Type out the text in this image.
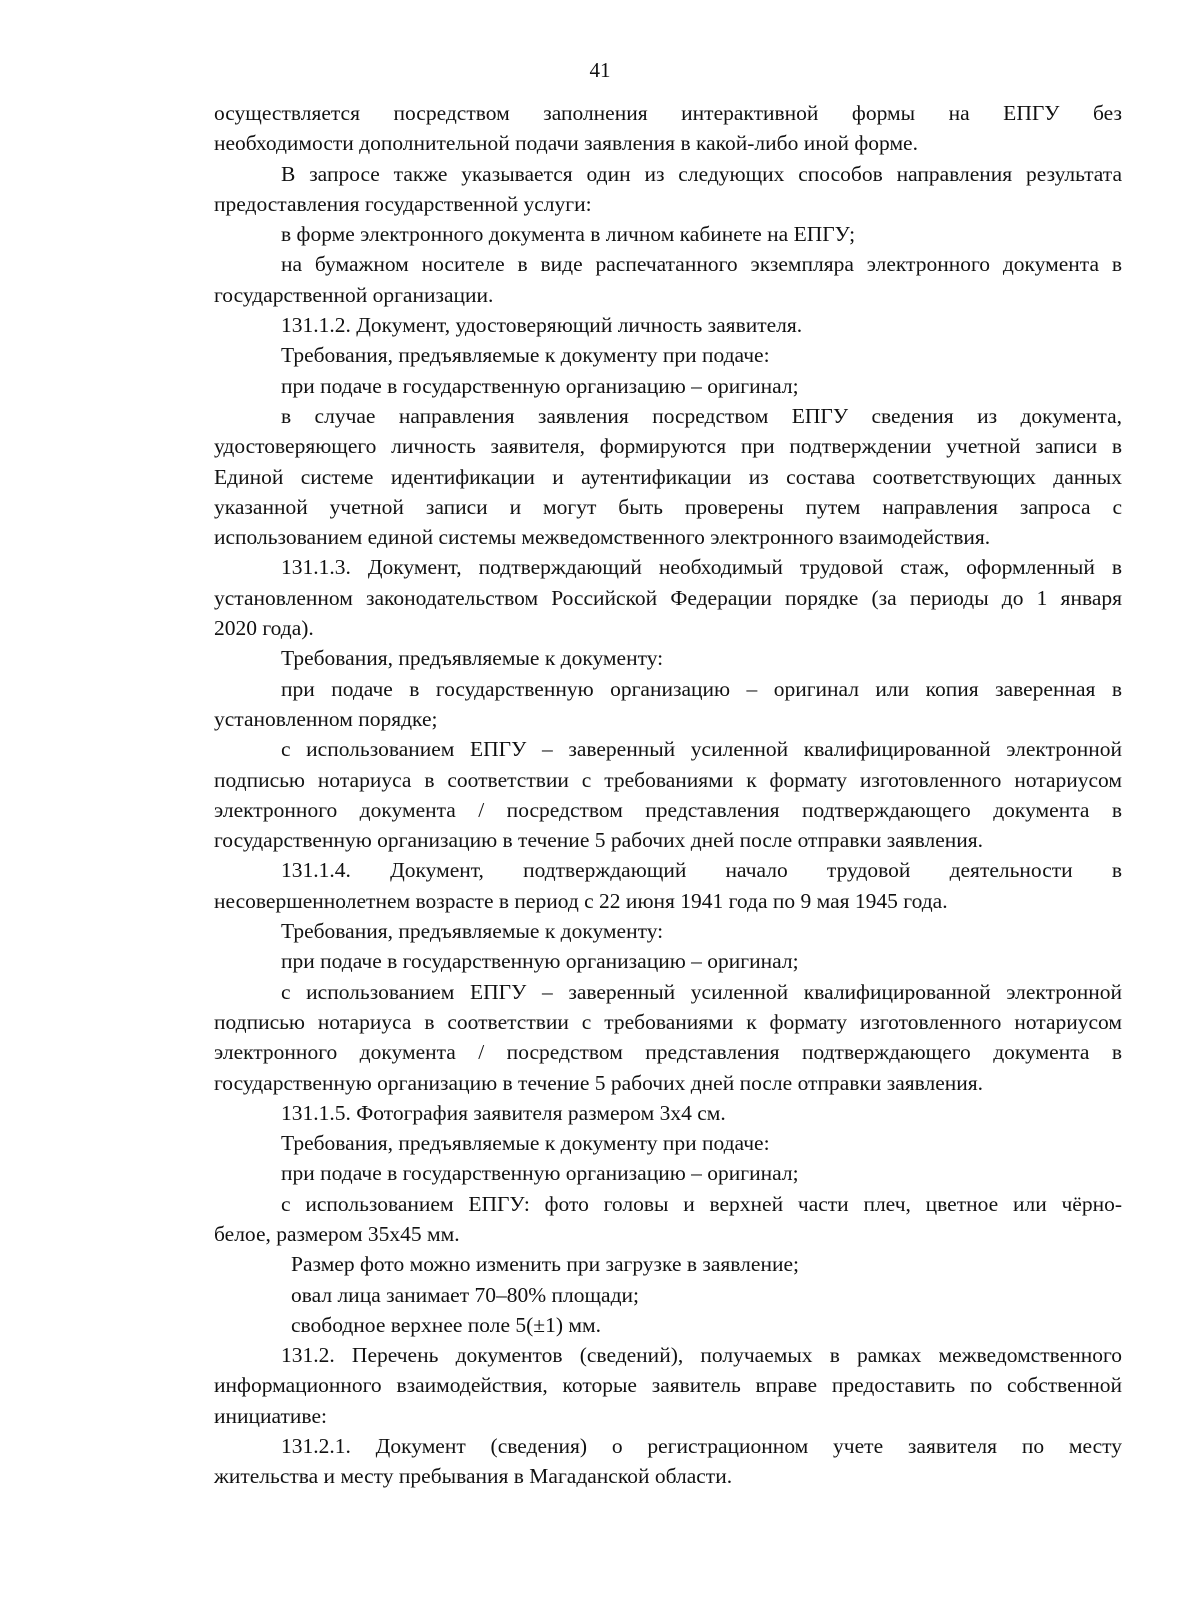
41
осуществляется посредством заполнения интерактивной формы на ЕПГУ без
необходимости дополнительной подачи заявления в какой-либо иной форме.
В запросе также указывается один из следующих способов направления результата
предоставления государственной услуги:
в форме электронного документа в личном кабинете на ЕПГУ;
на бумажном носителе в виде распечатанного экземпляра электронного документа в
государственной организации.
131.1.2. Документ, удостоверяющий личность заявителя.
Требования, предъявляемые к документу при подаче:
при подаче в государственную организацию – оригинал;
в случае направления заявления посредством ЕПГУ сведения из документа,
удостоверяющего личность заявителя, формируются при подтверждении учетной записи в
Единой системе идентификации и аутентификации из состава соответствующих данных
указанной учетной записи и могут быть проверены путем направления запроса с
использованием единой системы межведомственного электронного взаимодействия.
131.1.3. Документ, подтверждающий необходимый трудовой стаж, оформленный в
установленном законодательством Российской Федерации порядке (за периоды до 1 января
2020 года).
Требования, предъявляемые к документу:
при подаче в государственную организацию – оригинал или копия заверенная в
установленном порядке;
с использованием ЕПГУ – заверенный усиленной квалифицированной электронной
подписью нотариуса в соответствии с требованиями к формату изготовленного нотариусом
электронного документа / посредством представления подтверждающего документа в
государственную организацию в течение 5 рабочих дней после отправки заявления.
131.1.4. Документ, подтверждающий начало трудовой деятельности в
несовершеннолетнем возрасте в период с 22 июня 1941 года по 9 мая 1945 года.
Требования, предъявляемые к документу:
при подаче в государственную организацию – оригинал;
с использованием ЕПГУ – заверенный усиленной квалифицированной электронной
подписью нотариуса в соответствии с требованиями к формату изготовленного нотариусом
электронного документа / посредством представления подтверждающего документа в
государственную организацию в течение 5 рабочих дней после отправки заявления.
131.1.5. Фотография заявителя размером 3х4 см.
Требования, предъявляемые к документу при подаче:
при подаче в государственную организацию – оригинал;
с использованием ЕПГУ: фото головы и верхней части плеч, цветное или чёрно-
белое, размером 35х45 мм.
Размер фото можно изменить при загрузке в заявление;
овал лица занимает 70–80% площади;
свободное верхнее поле 5(±1) мм.
131.2. Перечень документов (сведений), получаемых в рамках межведомственного
информационного взаимодействия, которые заявитель вправе предоставить по собственной
инициативе:
131.2.1. Документ (сведения) о регистрационном учете заявителя по месту
жительства и месту пребывания в Магаданской области.
